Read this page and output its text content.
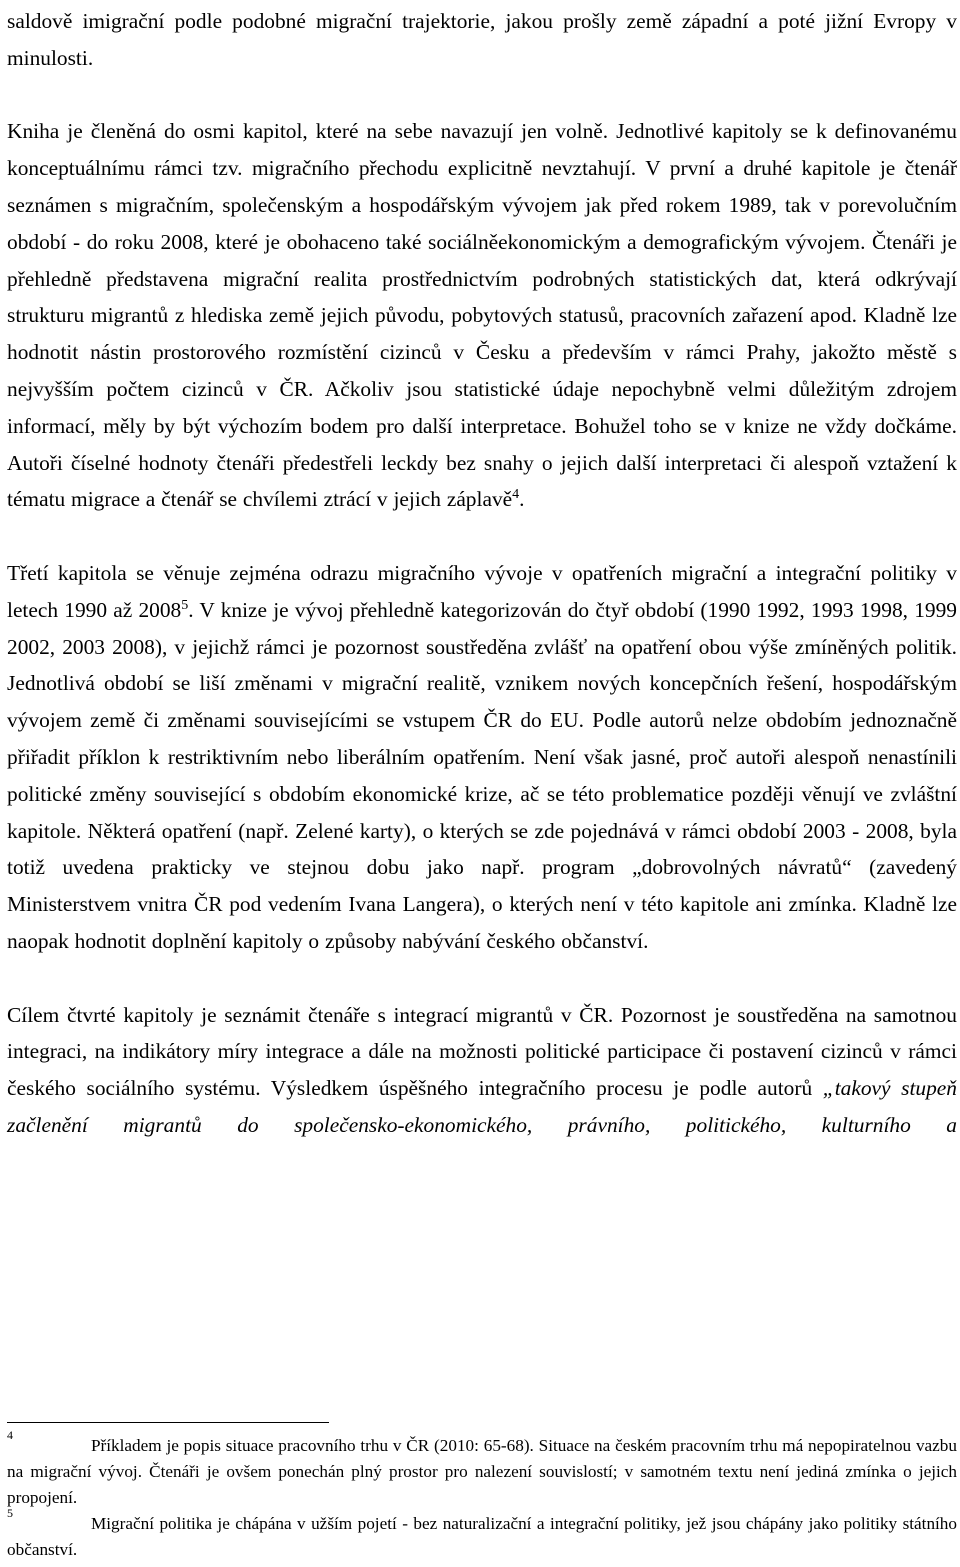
saldově imigrační podle podobné migrační trajektorie, jakou prošly země západní a poté jižní Evropy v minulosti.

Kniha je členěná do osmi kapitol, které na sebe navazují jen volně. Jednotlivé kapitoly se k definovanému konceptuálnímu rámci tzv. migračního přechodu explicitně nevztahují. V první a druhé kapitole je čtenář seznámen s migračním, společenským a hospodářským vývojem jak před rokem 1989, tak v porevolučním období - do roku 2008, které je obohaceno také sociálněekonomickým a demografickým vývojem. Čtenáři je přehledně představena migrační realita prostřednictvím podrobných statistických dat, která odkrývají strukturu migrantů z hlediska země jejich původu, pobytových statusů, pracovních zařazení apod. Kladně lze hodnotit nástin prostorového rozmístění cizinců v Česku a především v rámci Prahy, jakožto městě s nejvyšším počtem cizinců v ČR. Ačkoliv jsou statistické údaje nepochybně velmi důležitým zdrojem informací, měly by být výchozím bodem pro další interpretace. Bohužel toho se v knize ne vždy dočkáme. Autoři číselné hodnoty čtenáři předestřeli leckdy bez snahy o jejich další interpretaci či alespoň vztažení k tématu migrace a čtenář se chvílemi ztrácí v jejich záplavě$^4$.

Třetí kapitola se věnuje zejména odrazu migračního vývoje v opatřeních migrační a integrační politiky v letech 1990 až 2008$^5$. V knize je vývoj přehledně kategorizován do čtyř období (1990 1992, 1993 1998, 1999 2002, 2003 2008), v jejichž rámci je pozornost soustředěna zvlášť na opatření obou výše zmíněných politik. Jednotlivá období se liší změnami v migrační realitě, vznikem nových koncepčních řešení, hospodářským vývojem země či změnami souvisejícími se vstupem ČR do EU. Podle autorů nelze obdobím jednoznačně přiřadit příklon k restriktivním nebo liberálním opatřením. Není však jasné, proč autoři alespoň nenastínili politické změny související s obdobím ekonomické krize, ač se této problematice později věnují ve zvláštní kapitole. Některá opatření (např. Zelené karty), o kterých se zde pojednává v rámci období 2003 - 2008, byla totiž uvedena prakticky ve stejnou dobu jako např. program „dobrovolných návratů“ (zavedený Ministerstvem vnitra ČR pod vedením Ivana Langera), o kterých není v této kapitole ani zmínka. Kladně lze naopak hodnotit doplnění kapitoly o způsoby nabývání českého občanství.

Cílem čtvrté kapitoly je seznámit čtenáře s integrací migrantů v ČR. Pozornost je soustředěna na samotnou integraci, na indikátory míry integrace a dále na možnosti politické participace či postavení cizinců v rámci českého sociálního systému. Výsledkem úspěšného integračního procesu je podle autorů „takový stupeň začlenění migrantů do společensko-ekonomického, právního, politického, kulturního a

4Příkladem je popis situace pracovního trhu v ČR (2010: 65-68). Situace na českém pracovním trhu má nepopiratelnou vazbu na migrační vývoj. Čtenáři je ovšem ponechán plný prostor pro nalezení souvislostí; v samotném textu není jediná zmínka o jejich propojení.

5Migrační politika je chápána v užším pojetí - bez naturalizační a integrační politiky, jež jsou chápány jako politiky státního občanství.
